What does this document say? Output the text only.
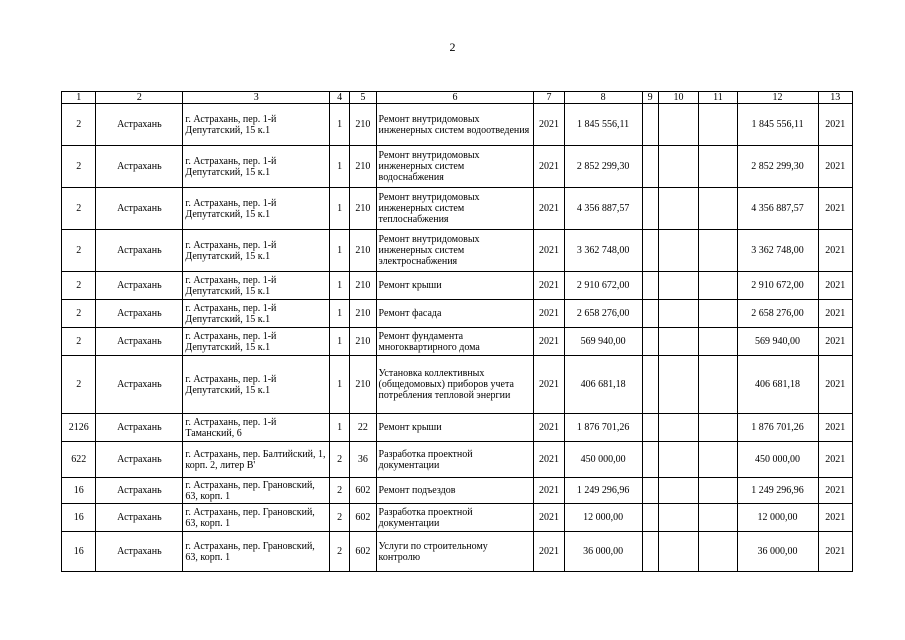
2
1	2	3	4	5	6	7	8	9	10	11	12	13
2	Астрахань	г. Астрахань, пер. 1-й Депутатский, 15 к.1	1	210	Ремонт внутридомовых инженерных систем водоотведения	2021	1 845 556,11				1 845 556,11	2021
2	Астрахань	г. Астрахань, пер. 1-й Депутатский, 15 к.1	1	210	Ремонт внутридомовых инженерных систем водоснабжения	2021	2 852 299,30				2 852 299,30	2021
2	Астрахань	г. Астрахань, пер. 1-й Депутатский, 15 к.1	1	210	Ремонт внутридомовых инженерных систем теплоснабжения	2021	4 356 887,57				4 356 887,57	2021
2	Астрахань	г. Астрахань, пер. 1-й Депутатский, 15 к.1	1	210	Ремонт внутридомовых инженерных систем электроснабжения	2021	3 362 748,00				3 362 748,00	2021
2	Астрахань	г. Астрахань, пер. 1-й Депутатский, 15 к.1	1	210	Ремонт крыши	2021	2 910 672,00				2 910 672,00	2021
2	Астрахань	г. Астрахань, пер. 1-й Депутатский, 15 к.1	1	210	Ремонт фасада	2021	2 658 276,00				2 658 276,00	2021
2	Астрахань	г. Астрахань, пер. 1-й Депутатский, 15 к.1	1	210	Ремонт фундамента многоквартирного дома	2021	569 940,00				569 940,00	2021
2	Астрахань	г. Астрахань, пер. 1-й Депутатский, 15 к.1	1	210	Установка коллективных (общедомовых) приборов учета потребления тепловой энергии	2021	406 681,18				406 681,18	2021
2126	Астрахань	г. Астрахань, пер. 1-й Таманский, 6	1	22	Ремонт крыши	2021	1 876 701,26				1 876 701,26	2021
622	Астрахань	г. Астрахань, пер. Балтийский, 1, корп. 2, литер В'	2	36	Разработка проектной документации	2021	450 000,00				450 000,00	2021
16	Астрахань	г. Астрахань, пер. Грановский, 63, корп. 1	2	602	Ремонт подъездов	2021	1 249 296,96				1 249 296,96	2021
16	Астрахань	г. Астрахань, пер. Грановский, 63, корп. 1	2	602	Разработка проектной документации	2021	12 000,00				12 000,00	2021
16	Астрахань	г. Астрахань, пер. Грановский, 63, корп. 1	2	602	Услуги по строительному контролю	2021	36 000,00				36 000,00	2021
